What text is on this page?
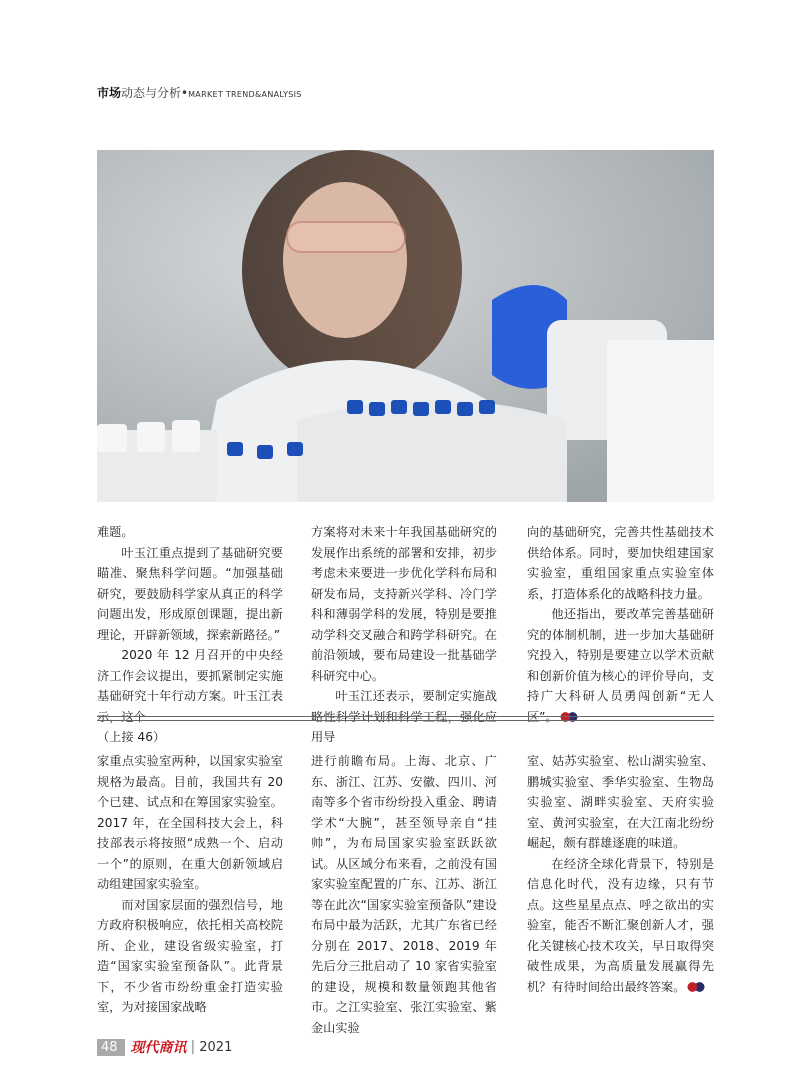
市场动态与分析•MARKET TREND&ANALYSIS

难题。

叶玉江重点提到了基础研究要瞄准、聚焦科学问题。“加强基础研究，要鼓励科学家从真正的科学问题出发，形成原创课题，提出新理论，开辟新领域，探索新路径。”

2020 年 12 月召开的中央经济工作会议提出，要抓紧制定实施基础研究十年行动方案。叶玉江表示，这个

方案将对未来十年我国基础研究的发展作出系统的部署和安排，初步考虑未来要进一步优化学科布局和研发布局，支持新兴学科、冷门学科和薄弱学科的发展，特别是要推动学科交叉融合和跨学科研究。在前沿领域，要布局建设一批基础学科研究中心。

叶玉江还表示，要制定实施战略性科学计划和科学工程，强化应用导

向的基础研究，完善共性基础技术供给体系。同时，要加快组建国家实验室，重组国家重点实验室体系，打造体系化的战略科技力量。

他还指出，要改革完善基础研究的体制机制，进一步加大基础研究投入，特别是要建立以学术贡献和创新价值为核心的评价导向，支持广大科研人员勇闯创新“无人区”。

（上接 46）

家重点实验室两种，以国家实验室规格为最高。目前，我国共有 20 个已建、试点和在筹国家实验室。2017 年，在全国科技大会上，科技部表示将按照“成熟一个、启动一个”的原则，在重大创新领域启动组建国家实验室。

而对国家层面的强烈信号，地方政府积极响应，依托相关高校院所、企业，建设省级实验室，打造“国家实验室预备队”。此背景下，不少省市纷纷重金打造实验室，为对接国家战略

进行前瞻布局。上海、北京、广东、浙江、江苏、安徽、四川、河南等多个省市纷纷投入重金、聘请学术“大腕”，甚至领导亲自“挂帅”，为布局国家实验室跃跃欲试。从区域分布来看，之前没有国家实验室配置的广东、江苏、浙江等在此次“国家实验室预备队”建设布局中最为活跃，尤其广东省已经分别在 2017、2018、2019 年先后分三批启动了 10 家省实验室的建设，规模和数量领跑其他省市。之江实验室、张江实验室、紫金山实验

室、姑苏实验室、松山湖实验室、鹏城实验室、季华实验室、生物岛实验室、湖畔实验室、天府实验室、黄河实验室，在大江南北纷纷崛起，颇有群雄逐鹿的味道。

在经济全球化背景下，特别是信息化时代，没有边缘，只有节点。这些星星点点、呼之欲出的实验室，能否不断汇聚创新人才，强化关键核心技术攻关，早日取得突破性成果，为高质量发展赢得先机？有待时间给出最终答案。

48 现代商讯 | 2021
